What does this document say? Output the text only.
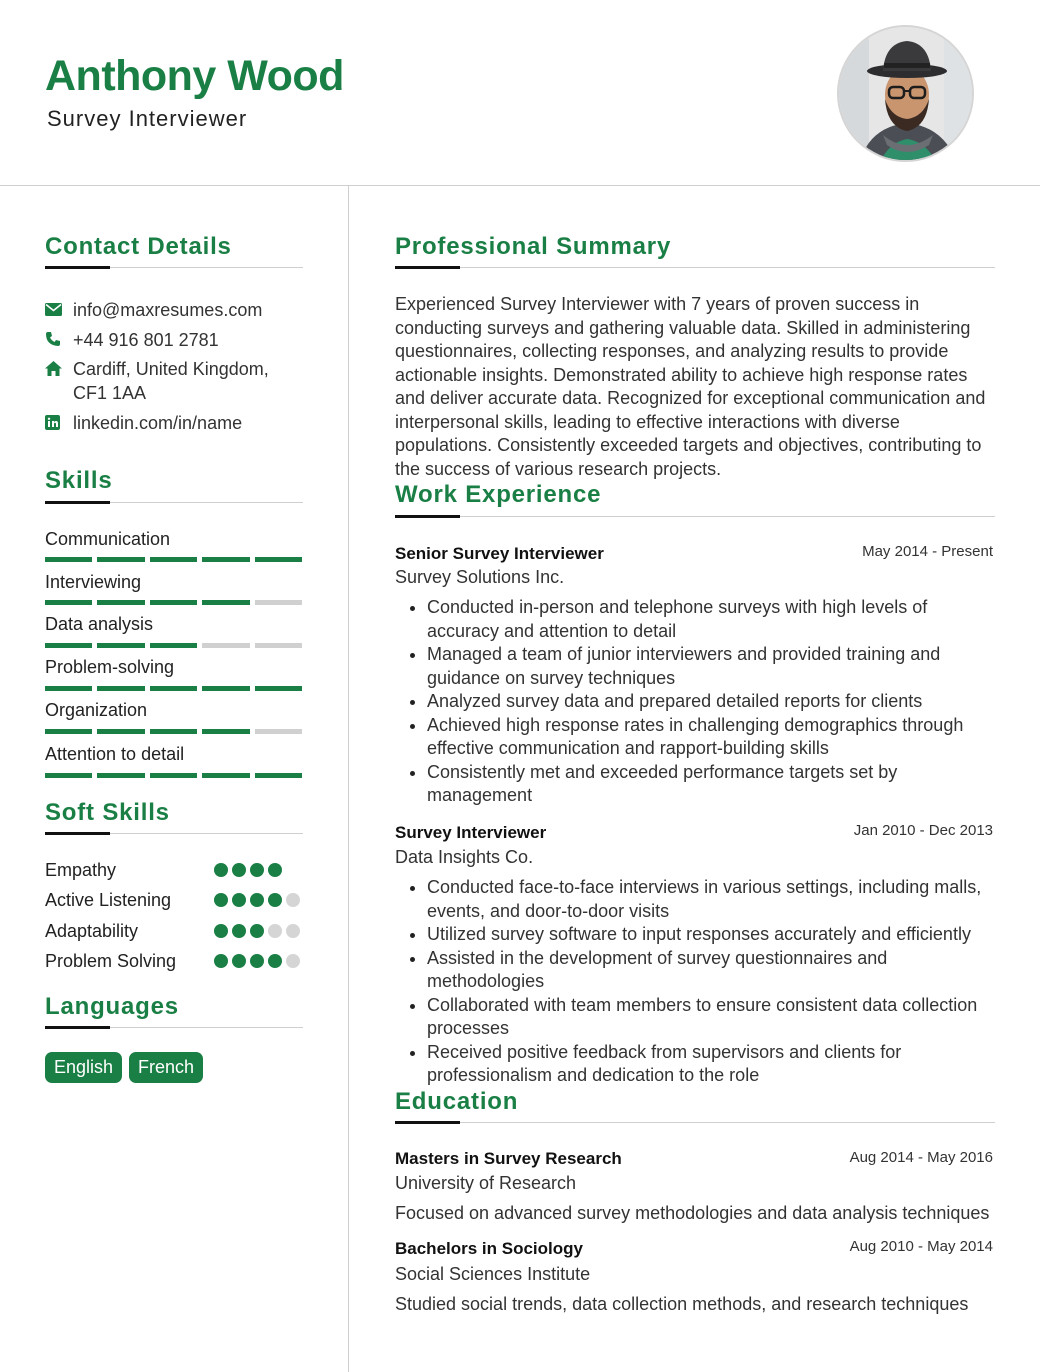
Anthony Wood
Survey Interviewer
Contact Details
info@maxresumes.com
+44 916 801 2781
Cardiff, United Kingdom, CF1 1AA
linkedin.com/in/name
Skills
Communication
Interviewing
Data analysis
Problem-solving
Organization
Attention to detail
Soft Skills
Empathy
Active Listening
Adaptability
Problem Solving
Languages
English	French
Professional Summary
Experienced Survey Interviewer with 7 years of proven success in conducting surveys and gathering valuable data. Skilled in administering questionnaires, collecting responses, and analyzing results to provide actionable insights. Demonstrated ability to achieve high response rates and deliver accurate data. Recognized for exceptional communication and interpersonal skills, leading to effective interactions with diverse populations. Consistently exceeded targets and objectives, contributing to the success of various research projects.
Work Experience
Senior Survey Interviewer	May 2014 - Present
Survey Solutions Inc.
Conducted in-person and telephone surveys with high levels of accuracy and attention to detail
Managed a team of junior interviewers and provided training and guidance on survey techniques
Analyzed survey data and prepared detailed reports for clients
Achieved high response rates in challenging demographics through effective communication and rapport-building skills
Consistently met and exceeded performance targets set by management
Survey Interviewer	Jan 2010 - Dec 2013
Data Insights Co.
Conducted face-to-face interviews in various settings, including malls, events, and door-to-door visits
Utilized survey software to input responses accurately and efficiently
Assisted in the development of survey questionnaires and methodologies
Collaborated with team members to ensure consistent data collection processes
Received positive feedback from supervisors and clients for professionalism and dedication to the role
Education
Masters in Survey Research	Aug 2014 - May 2016
University of Research
Focused on advanced survey methodologies and data analysis techniques
Bachelors in Sociology	Aug 2010 - May 2014
Social Sciences Institute
Studied social trends, data collection methods, and research techniques
